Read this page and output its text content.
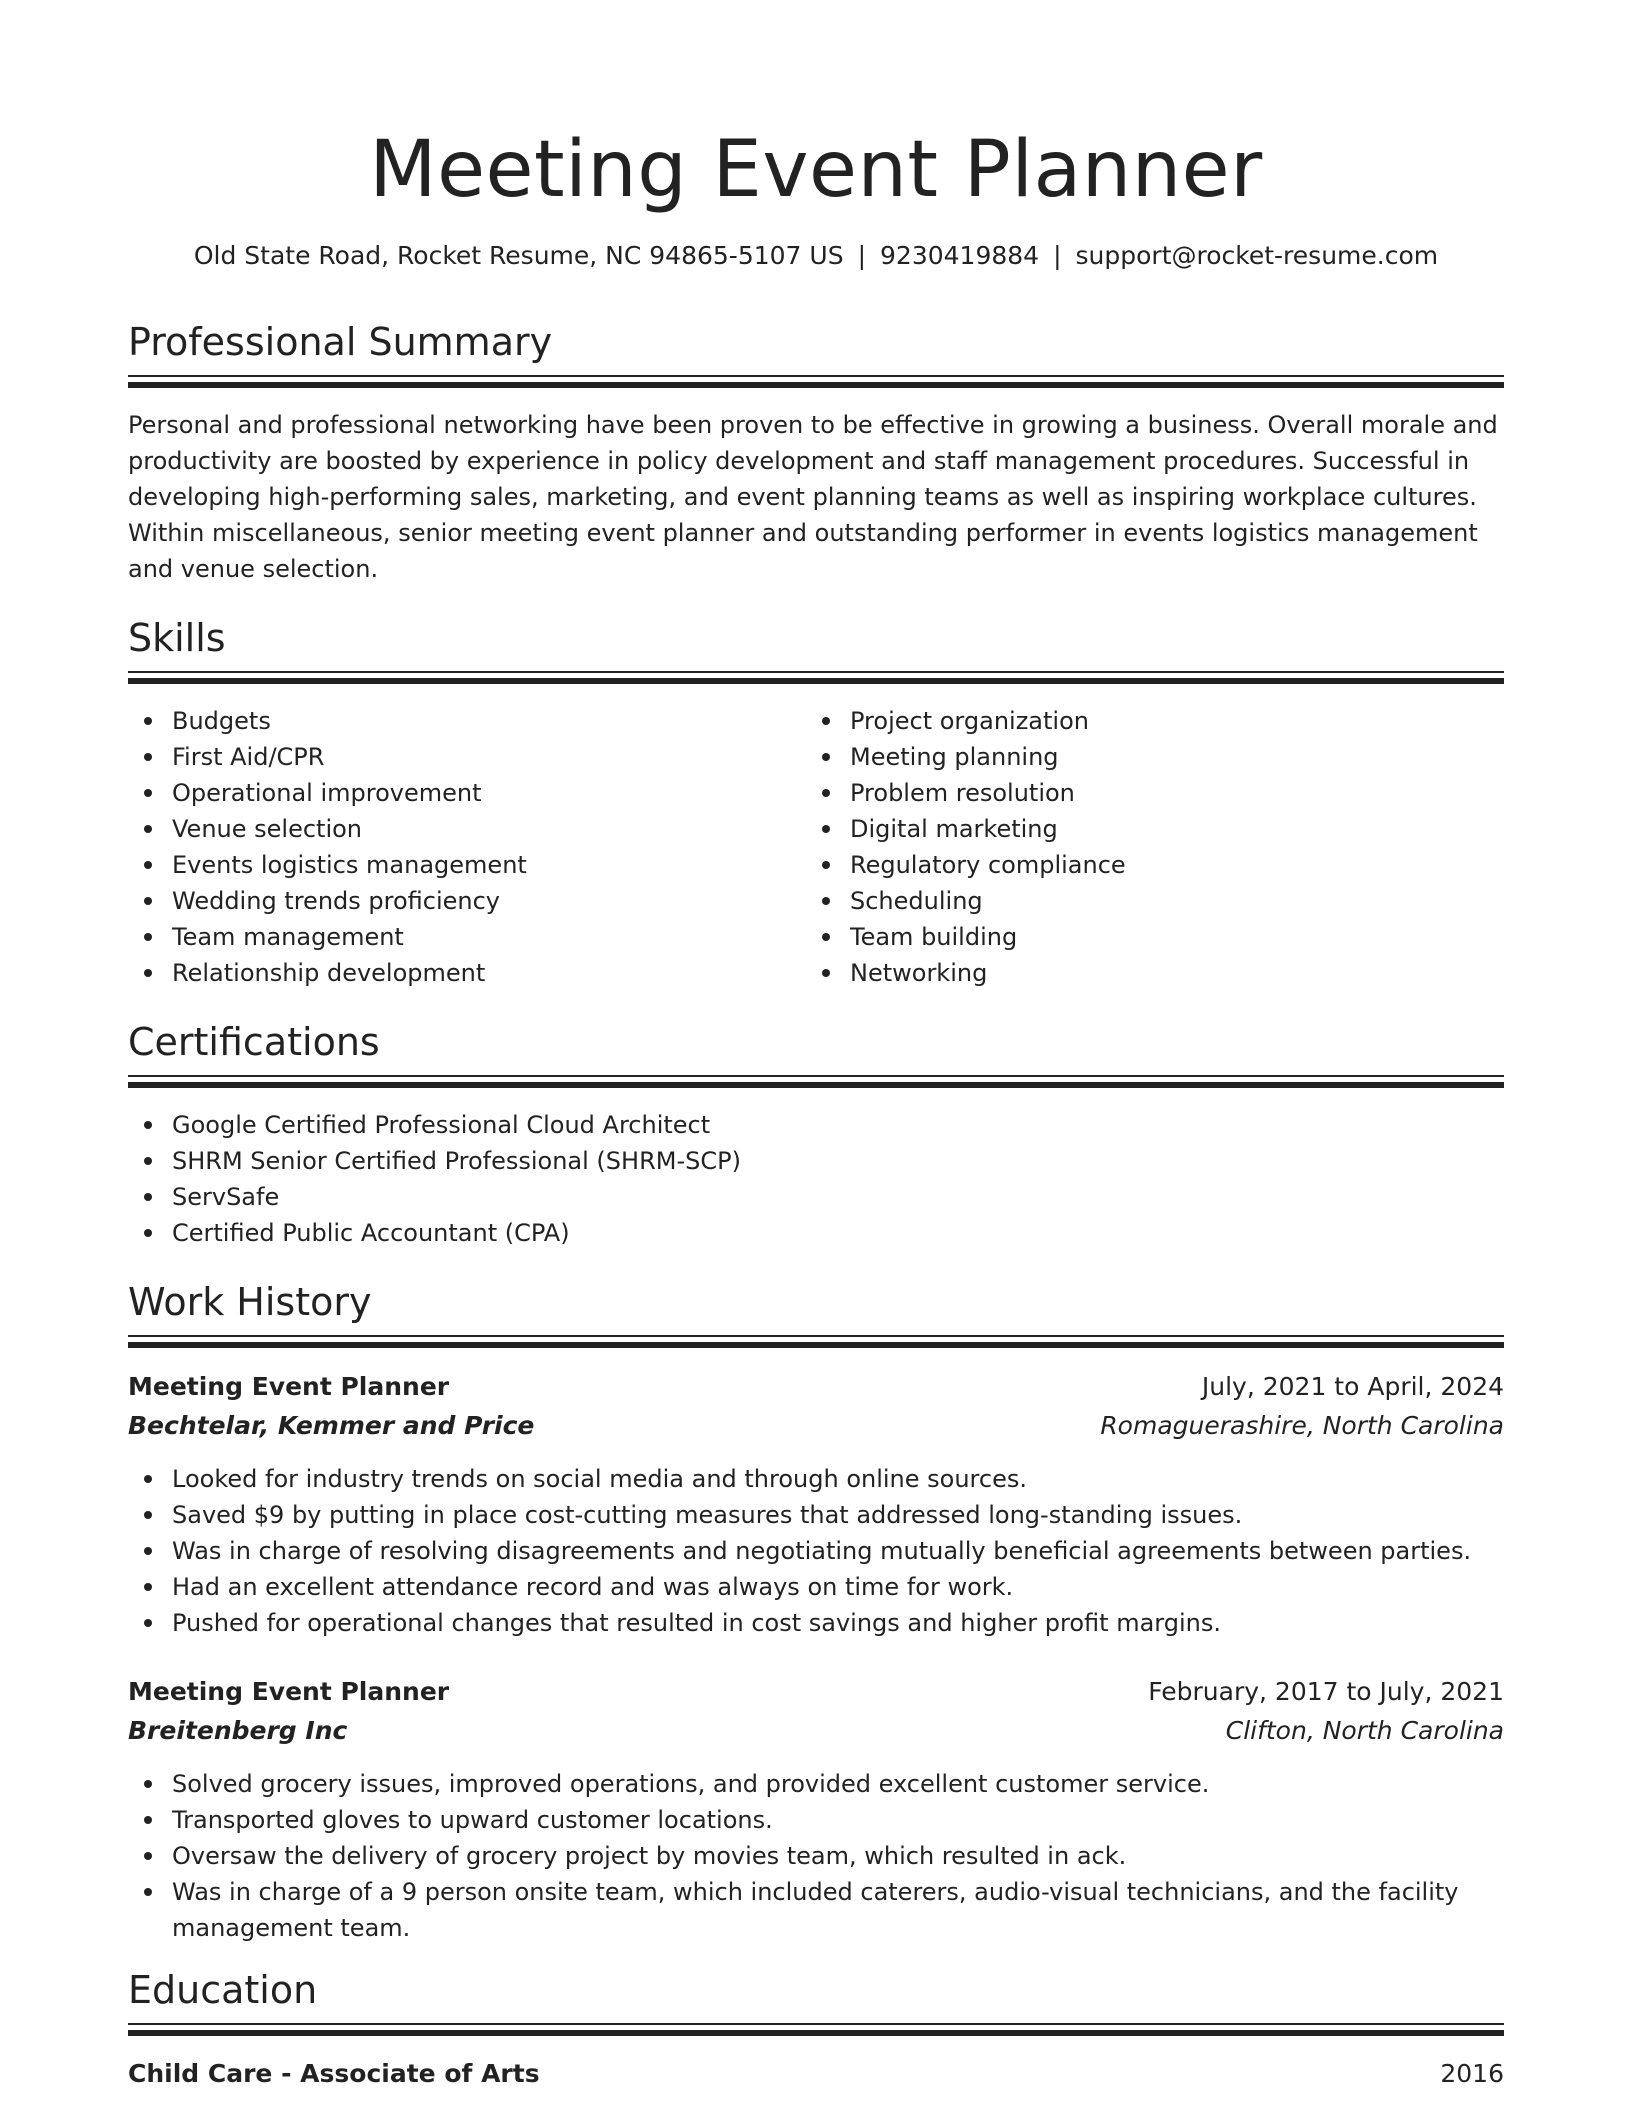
Meeting Event Planner
Old State Road, Rocket Resume, NC 94865-5107 US | 9230419884 | support@rocket-resume.com
Professional Summary

Personal and professional networking have been proven to be effective in growing a business. Overall morale and productivity are boosted by experience in policy development and staff management procedures. Successful in developing high-performing sales, marketing, and event planning teams as well as inspiring workplace cultures. Within miscellaneous, senior meeting event planner and outstanding performer in events logistics management and venue selection.

Skills
Budgets
First Aid/CPR
Operational improvement
Venue selection
Events logistics management
Wedding trends proficiency
Team management
Relationship development
Project organization
Meeting planning
Problem resolution
Digital marketing
Regulatory compliance
Scheduling
Team building
Networking
Certifications
Google Certified Professional Cloud Architect
SHRM Senior Certified Professional (SHRM-SCP)
ServSafe
Certified Public Accountant (CPA)
Work History
Meeting Event Planner	July, 2021 to April, 2024
Bechtelar, Kemmer and Price	Romaguerashire, North Carolina
Looked for industry trends on social media and through online sources.
Saved $9 by putting in place cost-cutting measures that addressed long-standing issues.
Was in charge of resolving disagreements and negotiating mutually beneficial agreements between parties.
Had an excellent attendance record and was always on time for work.
Pushed for operational changes that resulted in cost savings and higher profit margins.
Meeting Event Planner	February, 2017 to July, 2021
Breitenberg Inc	Clifton, North Carolina
Solved grocery issues, improved operations, and provided excellent customer service.
Transported gloves to upward customer locations.
Oversaw the delivery of grocery project by movies team, which resulted in ack.
Was in charge of a 9 person onsite team, which included caterers, audio-visual technicians, and the facility management team.
Education
Child Care - Associate of Arts	2016
